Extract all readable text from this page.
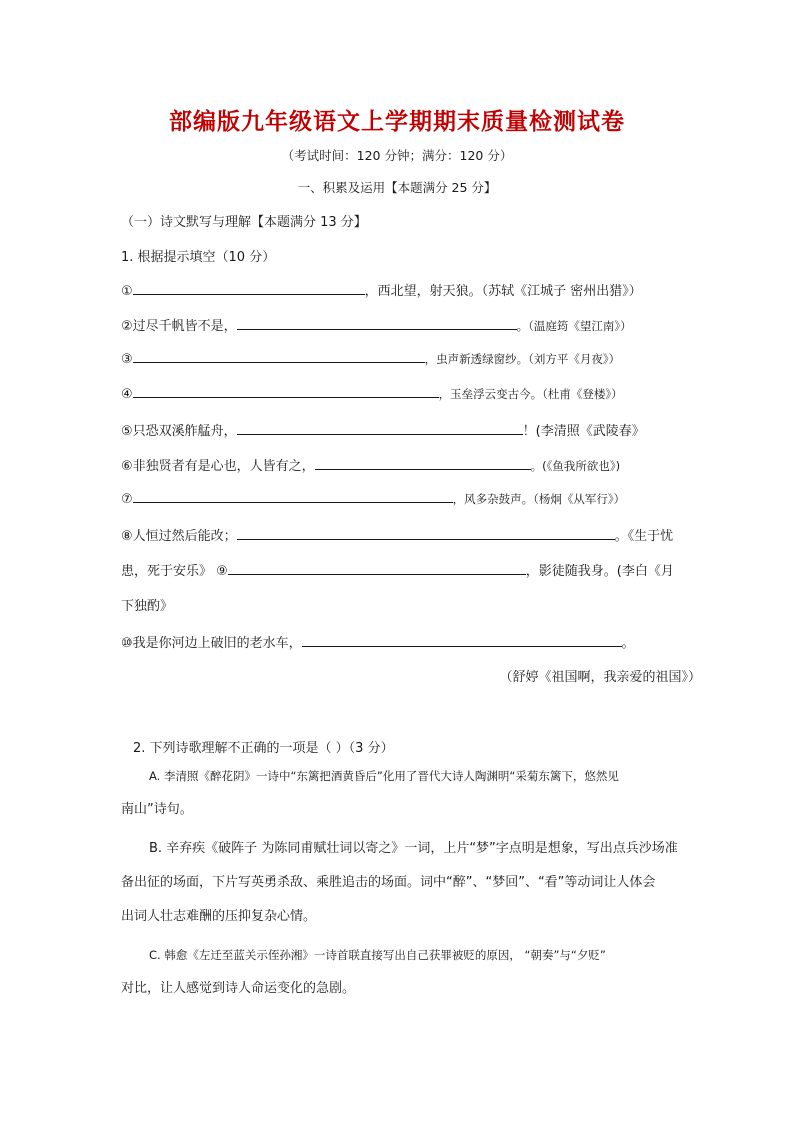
部编版九年级语文上学期期末质量检测试卷
（考试时间：120 分钟；满分：120 分）
一、积累及运用【本题满分 25 分】
（一）诗文默写与理解【本题满分 13 分】
1. 根据提示填空（10 分）
①	，西北望，射天狼。（苏轼《江城子 密州出猎》）
②过尽千帆皆不是，	。（温庭筠《望江南》）
③	，虫声新透绿窗纱。（刘方平《月夜》）
④	，玉垒浮云变古今。（杜甫《登楼》）
⑤只恐双溪舴艋舟，	！(李清照《武陵春》
⑥非独贤者有是心也，人皆有之，	。(《鱼我所欲也》)
⑦	，风多杂鼓声。（杨炯《从军行》）
⑧人恒过然后能改；	。《生于忧
患，死于安乐》 ⑨	，影徒随我身。(李白《月
下独酌》
⑩我是你河边上破旧的老水车，	。
（舒婷《祖国啊，我亲爱的祖国》）
2. 下列诗歌理解不正确的一项是（ ）（3 分）
A. 李清照《醉花阴》一诗中“东篱把酒黄昏后”化用了晋代大诗人陶渊明“采菊东篱下，悠然见
南山”诗句。
B. 辛弃疾《破阵子 为陈同甫赋壮词以寄之》一词，上片“梦”字点明是想象，写出点兵沙场准
备出征的场面，下片写英勇杀敌、乘胜追击的场面。词中“醉”、“梦回”、“看”等动词让人体会
出词人壮志难酬的压抑复杂心情。
C. 韩愈《左迁至蓝关示侄孙湘》一诗首联直接写出自己获罪被贬的原因， “朝奏”与“夕贬”
对比，让人感觉到诗人命运变化的急剧。
